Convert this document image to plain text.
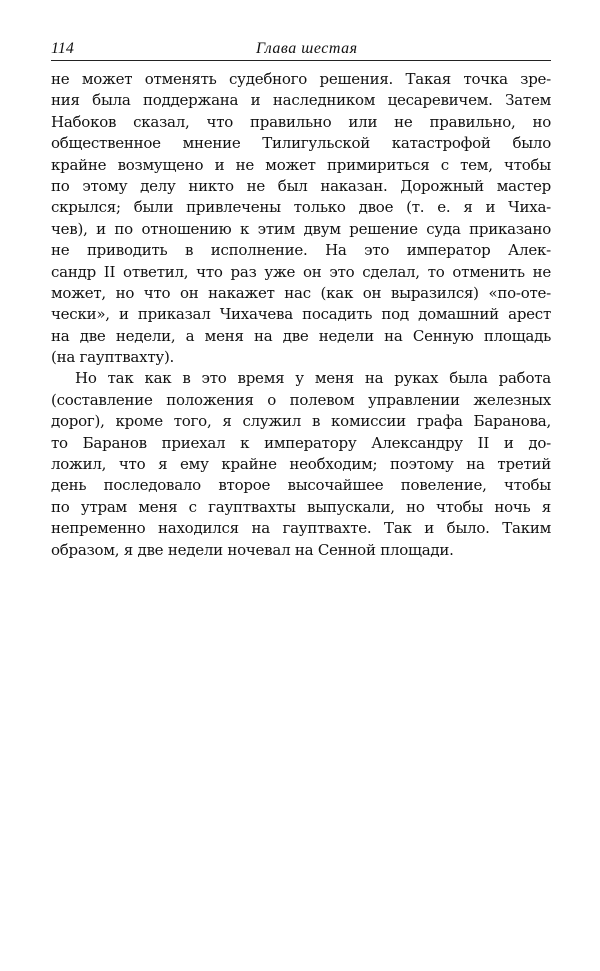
114	Глава шестая
не может отменять судебного решения. Такая точка зре-
ния была поддержана и наследником цесаревичем. Затем
Набоков сказал, что правильно или не правильно, но
общественное мнение Тилигульской катастрофой было
крайне возмущено и не может примириться с тем, чтобы
по этому делу никто не был наказан. Дорожный мастер
скрылся; были привлечены только двое (т. е. я и Чиха-
чев), и по отношению к этим двум решение суда приказано
не приводить в исполнение. На это император Алек-
сандр II ответил, что раз уже он это сделал, то отменить не
может, но что он накажет нас (как он выразился) «по-оте-
чески», и приказал Чихачева посадить под домашний арест
на две недели, а меня на две недели на Сенную площадь
(на гауптвахту).
Но так как в это время у меня на руках была работа
(составление положения о полевом управлении железных
дорог), кроме того, я служил в комиссии графа Баранова,
то Баранов приехал к императору Александру II и до-
ложил, что я ему крайне необходим; поэтому на третий
день последовало второе высочайшее повеление, чтобы
по утрам меня с гауптвахты выпускали, но чтобы ночь я
непременно находился на гауптвахте. Так и было. Таким
образом, я две недели ночевал на Сенной площади.
